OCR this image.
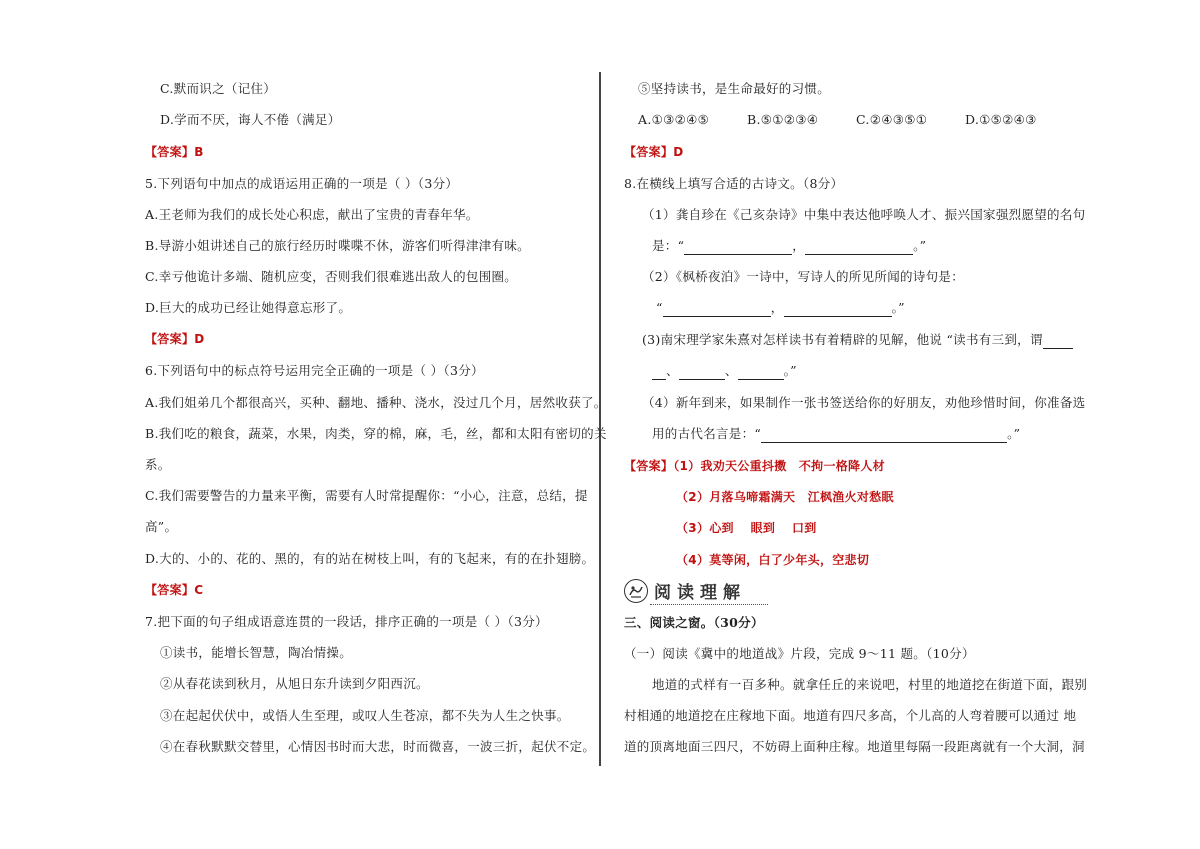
C.默而识之（记住）
D.学而不厌，诲人不倦（满足）
【答案】B
5.下列语句中加点的成语运用正确的一项是（ ）（3分）
A.王老师为我们的成长处心积虑，献出了宝贵的青春年华。
B.导游小姐讲述自己的旅行经历时喋喋不休，游客们听得津津有味。
C.幸亏他诡计多端、随机应变，否则我们很难逃出敌人的包围圈。
D.巨大的成功已经让她得意忘形了。
【答案】D
6.下列语句中的标点符号运用完全正确的一项是（ ）（3分）
A.我们姐弟几个都很高兴，买种、翻地、播种、浇水，没过几个月，居然收获了。
B.我们吃的粮食，蔬菜，水果，肉类，穿的棉，麻，毛，丝，都和太阳有密切的关
系。
C.我们需要警告的力量来平衡，需要有人时常提醒你：“小心，注意，总结，提
高”。
D.大的、小的、花的、黑的，有的站在树枝上叫，有的飞起来，有的在扑翅膀。
【答案】C
7.把下面的句子组成语意连贯的一段话，排序正确的一项是（ ）（3分）
①读书，能增长智慧，陶冶情操。
②从春花读到秋月，从旭日东升读到夕阳西沉。
③在起起伏伏中，或悟人生至理，或叹人生苍凉，都不失为人生之快事。
④在春秋默默交替里，心情因书时而大悲，时而微喜，一波三折，起伏不定。
⑤坚持读书，是生命最好的习惯。
A.①③②④⑤	B.⑤①②③④	C.②④③⑤①	D.①⑤②④③
【答案】D
8.在横线上填写合适的古诗文。（8分）
（1）龚自珍在《己亥杂诗》中集中表达他呼唤人才、振兴国家强烈愿望的名句
是：“	，	。”
（2）《枫桥夜泊》一诗中，写诗人的所见所闻的诗句是：
“	，	。”
(3)南宋理学家朱熹对怎样读书有着精辟的见解，他说 “读书有三到，谓
、	、	。”
（4）新年到来，如果制作一张书签送给你的好朋友，劝他珍惜时间，你准备选
用的古代名言是：“	。”
【答案】（1）我劝天公重抖擞　不拘一格降人材
（2）月落乌啼霜满天　江枫渔火对愁眠
（3）心到　 眼到　 口到
（4）莫等闲，白了少年头，空悲切
三、阅读之窗。（30分）
（一）阅读《冀中的地道战》片段，完成 9～11 题。（10分）
地道的式样有一百多种。就拿任丘的来说吧，村里的地道挖在街道下面，跟别
村相通的地道挖在庄稼地下面。地道有四尺多高，个儿高的人弯着腰可以通过 地
道的顶离地面三四尺，不妨碍上面种庄稼。地道里每隔一段距离就有一个大洞，洞
阅读理解
